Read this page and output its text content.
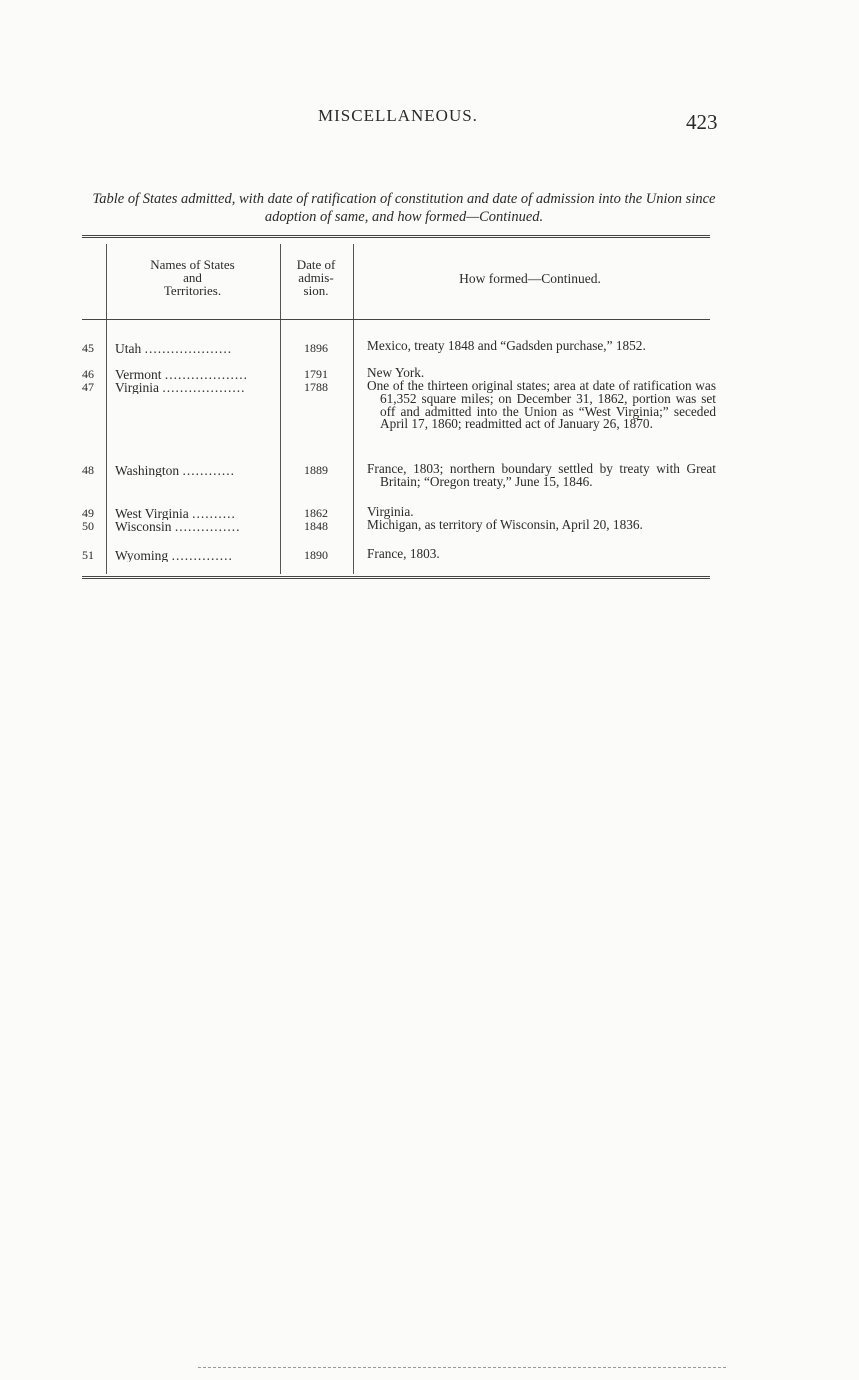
MISCELLANEOUS.	423
Table of States admitted, with date of ratification of constitution and date of admission into the Union since adoption of same, and how formed—Continued.
Names of States
and
Territories.
Date of
admis-
sion.
How formed—Continued.
45 Utah ....................	1896	Mexico, treaty 1848 and “Gadsden purchase,” 1852.
46 Vermont ...................	1791	New York.
47 Virginia ...................	1788	One of the thirteen original states; area at date of ratification was 61,352 square miles; on December 31, 1862, portion was set off and admitted into the Union as “West Virginia;” seceded April 17, 1860; readmitted act of January 26, 1870.
48 Washington ............	1889	France, 1803; northern boundary settled by treaty with Great Britain; “Oregon treaty,” June 15, 1846.
49 West Virginia ..........	1862	Virginia.
50 Wisconsin ...............	1848	Michigan, as territory of Wisconsin, April 20, 1836.
51 Wyoming ..............	1890	France, 1803.
